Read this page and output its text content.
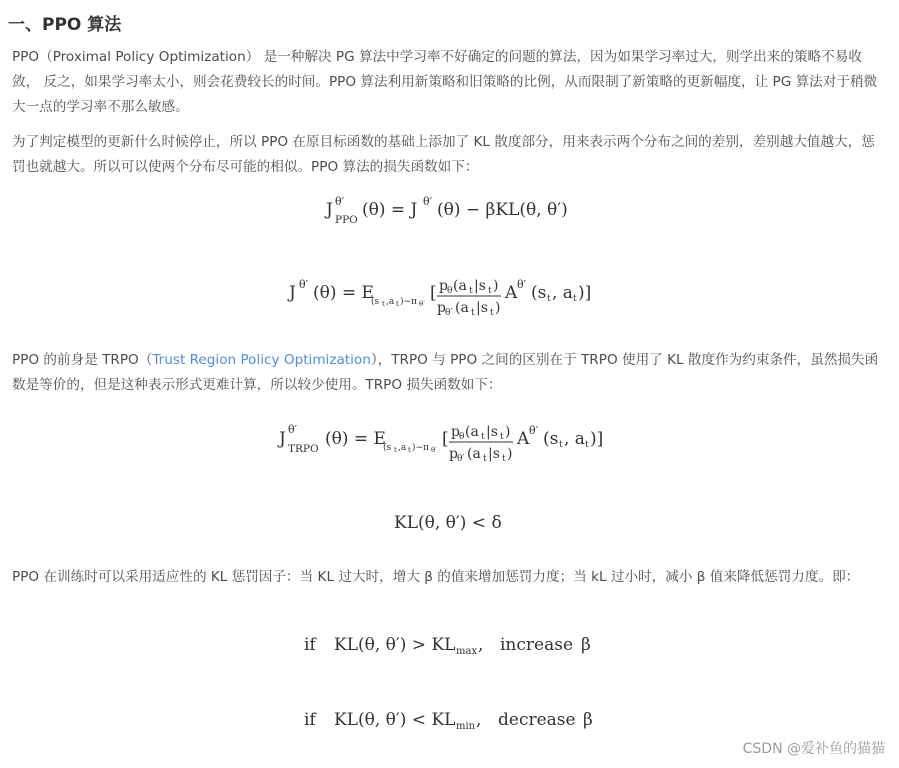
一、PPO 算法

PPO（Proximal Policy Optimization） 是一种解决 PG 算法中学习率不好确定的问题的算法，因为如果学习率过大，则学出来的策略不易收敛， 反之，如果学习率太小，则会花费较长的时间。PPO 算法利用新策略和旧策略的比例，从而限制了新策略的更新幅度，让 PG 算法对于稍微大一点的学习率不那么敏感。

为了判定模型的更新什么时候停止，所以 PPO 在原目标函数的基础上添加了 KL 散度部分，用来表示两个分布之间的差别，差别越大值越大，惩罚也就越大。所以可以使两个分布尽可能的相似。PPO 算法的损失函数如下：

J θ′
PPO (θ) = J θ′ (θ) − βKL(θ, θ′)
J θ′ (θ) = E
(s t ,a t )∼π θ′
[ p θ (a t |s t )
p θ′ (a t |s t )
A θ′ (s t , a t )]

PPO 的前身是 TRPO（Trust Region Policy Optimization），TRPO 与 PPO 之间的区别在于 TRPO 使用了 KL 散度作为约束条件，虽然损失函数是等价的，但是这种表示形式更难计算，所以较少使用。TRPO 损失函数如下：

J θ′
TRPO (θ) = E
(s t ,a t )∼π θ′
[ p θ (a t |s t )
p θ′ (a t |s t )
A θ′ (s t , a t )]
KL(θ, θ′) < δ

PPO 在训练时可以采用适应性的 KL 惩罚因子：当 KL 过大时，增大 β 的值来增加惩罚力度；当 kL 过小时，减小 β 值来降低惩罚力度。即：

if KL(θ, θ′) > KL max , increase β
if KL(θ, θ′) < KL min , decrease β
CSDN @爱补鱼的猫猫
